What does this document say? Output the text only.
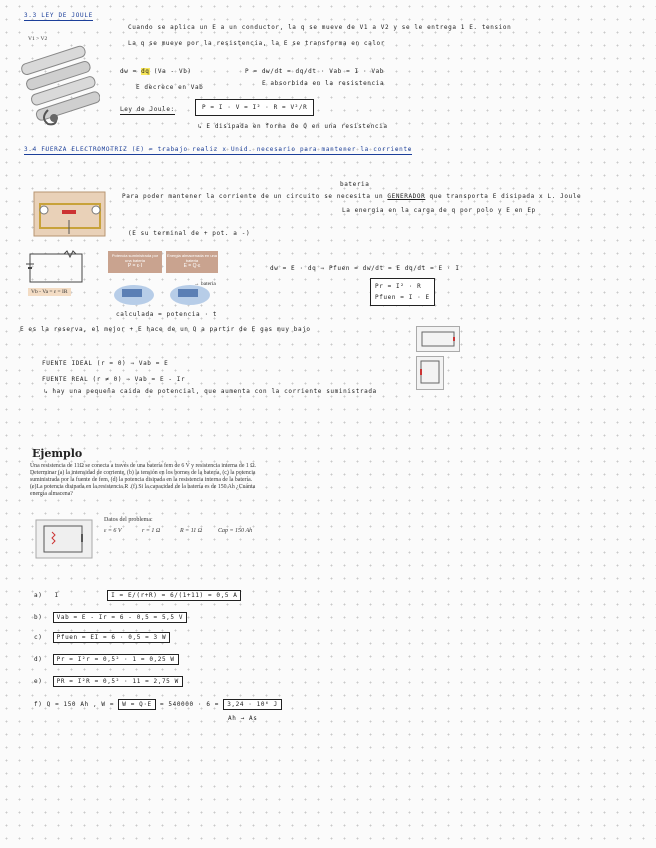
3.3 LEY DE JOULE
Cuando se aplica un E a un conductor, la q se mueve de V1 a V2 y se le entrega 1 E. tension
La q se mueve por la resistencia, la E se transforma en calor
V1 > V2
dw = dq (Va - Vb)	P = dw/dt = dq/dt · Vab = I · Vab
E absorbida en la resistencia
E decrece en Vab
Ley de Joule:	P = I · V = I² · R = V²/R
↳ E disipada en forma de Q en una resistencia
3.4 FUERZA ELECTROMOTRIZ (E) = trabajo realiz x Unid. necesario para mantener la corriente
bateria
Para poder mantener la corriente de un circuito se necesita un GENERADOR que transporta E disipada x L. Joule
La energia en la carga de q por polo y E en Ep
(E su terminal de + pot. a -)
Vb - Va = ε = IR
Potencia suministrada por una bateria
P = ε·I
Energia almacenada en una bateria
E = Q·ε
→ bateria
calculada = potencia · t
dw = E · dq ⇒ Pfuen = dw/dt = E dq/dt = E · I
Pr = I² · R
Pfuen = I · E
E es la reserva, el mejor + E hace de un Q a partir de E gas muy bajo
FUENTE IDEAL (r = 0) ⇒ Vab = E
FUENTE REAL (r ≠ 0) ⇒ Vab = E - Ir
↳ hay una pequeña caida de potencial, que aumenta con la corriente suministrada
Ejemplo
Una resistencia de 11Ω se conecta a través de una batería fem de 6 V y resistencia interna de 1 Ω. Determinar (a) la intensidad de corriente, (b) la tensión en los bornes de la batería, (c) la potencia suministrada por la fuente de fem, (d) la potencia disipada en la resistencia interna de la batería. (e)La potencia disipada en la resistencia R .(f) Si la capacidad de la batería es de 150 Ah ¿Cuánta energía almacena?
Datos del problema:
ε = 6 V	r = 1 Ω	R = 11 Ω	Cap = 150 Ah
a) I	I = E/(r+R) = 6/(1+11) = 0,5 A
b) Vab = E - Ir = 6 - 0,5 = 5,5 V
c) Pfuen = EI = 6 · 0,5 = 3 W
d) Pr = I²r = 0,5² · 1 = 0,25 W
e) PR = I²R = 0,5² · 11 = 2,75 W
f) Q = 150 Ah , W = W = Q·E = 540000 · 6 = 3,24 · 10⁶ J
Ah → As
